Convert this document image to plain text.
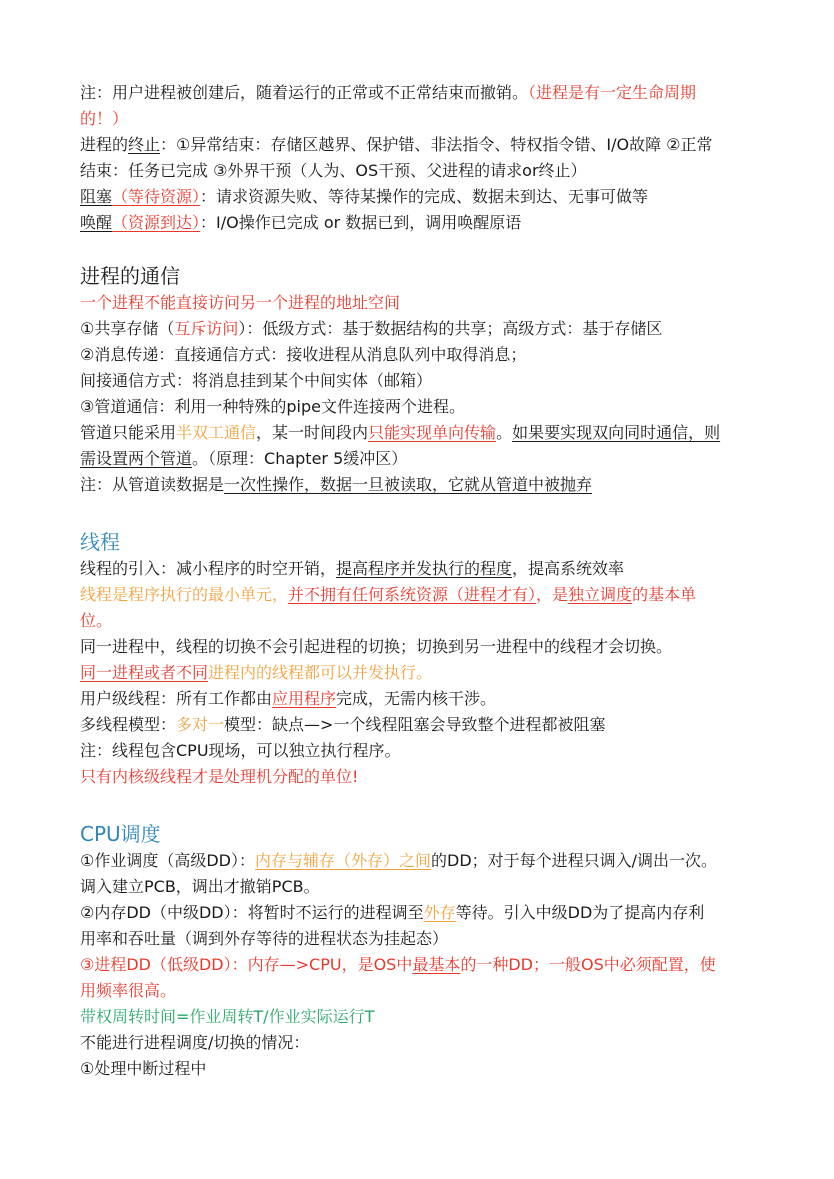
注：用户进程被创建后，随着运行的正常或不正常结束而撤销。（进程是有一定生命周期
的！）
进程的终止：①异常结束：存储区越界、保护错、非法指令、特权指令错、I/O故障 ②正常
结束：任务已完成 ③外界干预（人为、OS干预、父进程的请求or终止）
阻塞（等待资源）：请求资源失败、等待某操作的完成、数据未到达、无事可做等
唤醒（资源到达）：I/O操作已完成 or 数据已到，调用唤醒原语
进程的通信
一个进程不能直接访问另一个进程的地址空间
①共享存储（互斥访问）：低级方式：基于数据结构的共享；高级方式：基于存储区
②消息传递：直接通信方式：接收进程从消息队列中取得消息；
间接通信方式：将消息挂到某个中间实体（邮箱）
③管道通信：利用一种特殊的pipe文件连接两个进程。
管道只能采用半双工通信，某一时间段内只能实现单向传输。如果要实现双向同时通信，则
需设置两个管道。（原理：Chapter 5缓冲区）
注：从管道读数据是一次性操作，数据一旦被读取，它就从管道中被抛弃
线程
线程的引入：减小程序的时空开销，提高程序并发执行的程度，提高系统效率
线程是程序执行的最小单元，并不拥有任何系统资源（进程才有），是独立调度的基本单
位。
同一进程中，线程的切换不会引起进程的切换；切换到另一进程中的线程才会切换。
同一进程或者不同进程内的线程都可以并发执行。
用户级线程：所有工作都由应用程序完成，无需内核干涉。
多线程模型：多对一模型：缺点—>一个线程阻塞会导致整个进程都被阻塞
注：线程包含CPU现场，可以独立执行程序。
只有内核级线程才是处理机分配的单位!
CPU调度
①作业调度（高级DD）：内存与辅存（外存）之间的DD；对于每个进程只调入/调出一次。
调入建立PCB，调出才撤销PCB。
②内存DD（中级DD）：将暂时不运行的进程调至外存等待。引入中级DD为了提高内存利
用率和吞吐量（调到外存等待的进程状态为挂起态）
③进程DD（低级DD）：内存—>CPU，是OS中最基本的一种DD；一般OS中必须配置，使
用频率很高。
带权周转时间=作业周转T/作业实际运行T
不能进行进程调度/切换的情况：
①处理中断过程中
